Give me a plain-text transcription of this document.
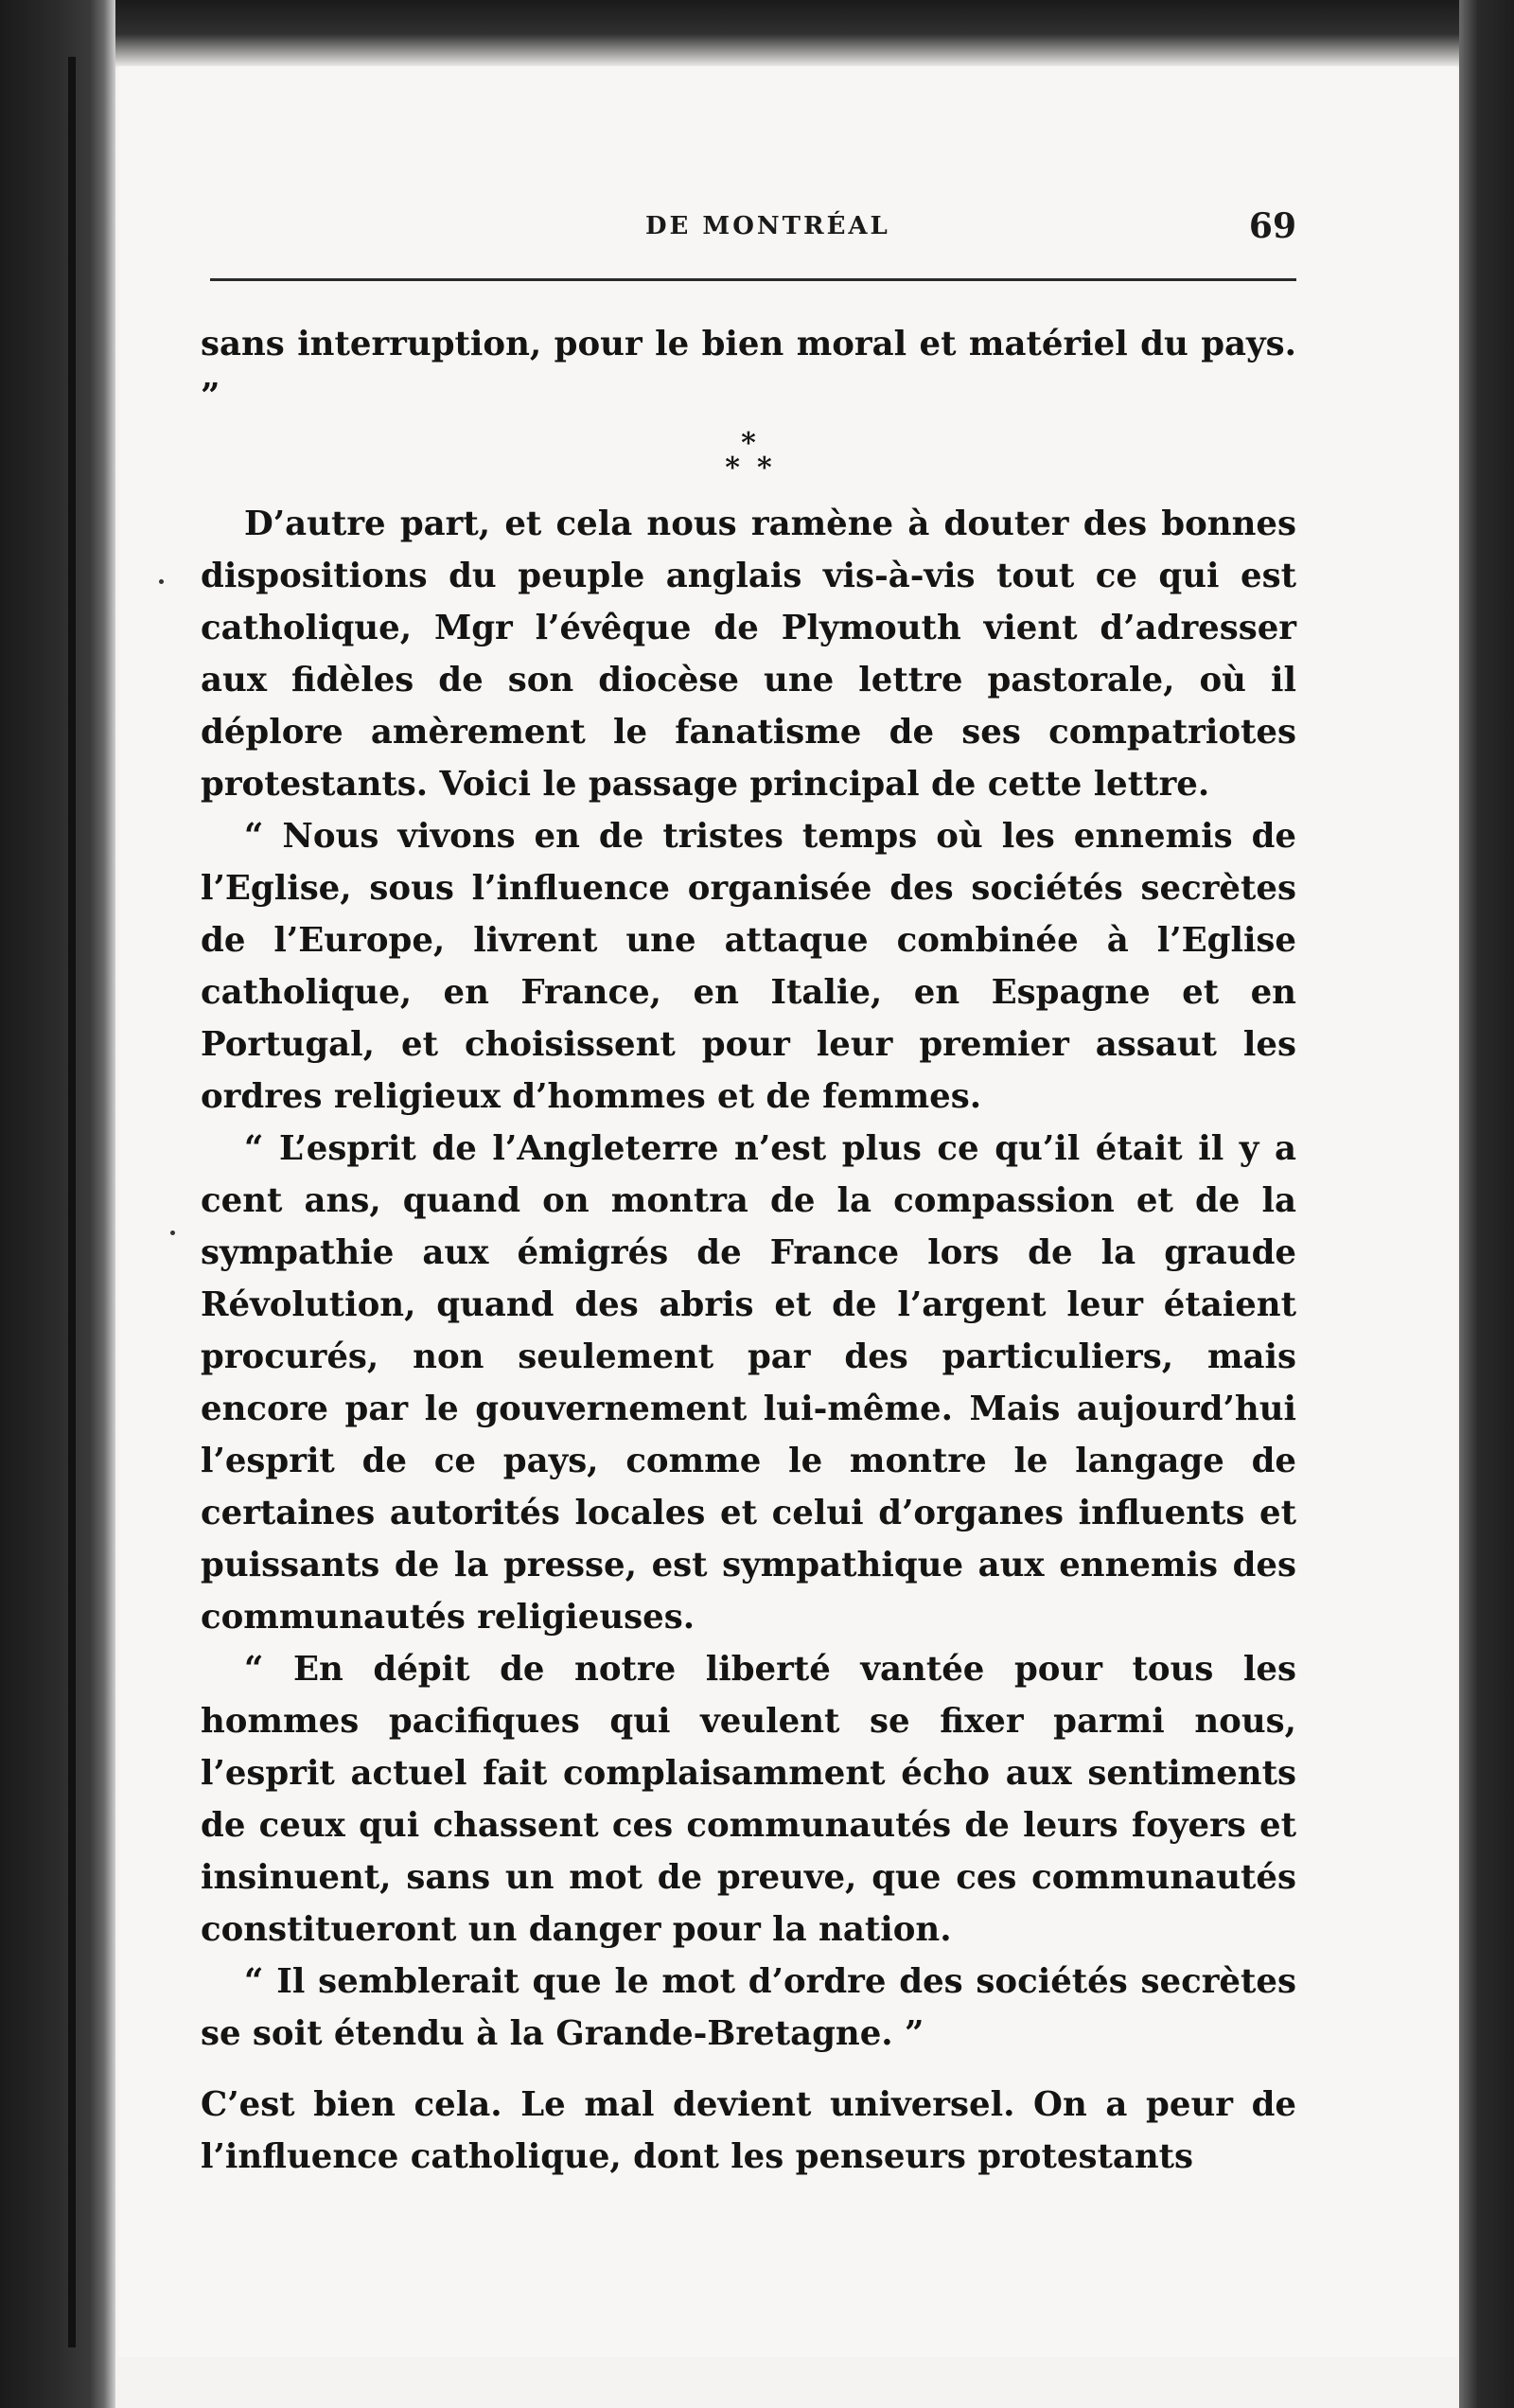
DE MONTRÉAL	69

sans interruption, pour le bien moral et matériel du pays. ”

*
**

D’autre part, et cela nous ramène à douter des bonnes dispositions du peuple anglais vis-à-vis tout ce qui est catholique, Mgr l’évêque de Plymouth vient d’adresser aux fidèles de son diocèse une lettre pastorale, où il déplore amèrement le fanatisme de ses compatriotes protestants. Voici le passage principal de cette lettre.

“ Nous vivons en de tristes temps où les ennemis de l’Eglise, sous l’influence organisée des sociétés secrètes de l’Europe, livrent une attaque combinée à l’Eglise catholique, en France, en Italie, en Espagne et en Portugal, et choisissent pour leur premier assaut les ordres religieux d’hommes et de femmes.

“ L’esprit de l’Angleterre n’est plus ce qu’il était il y a cent ans, quand on montra de la compassion et de la sympathie aux émigrés de France lors de la graude Révolution, quand des abris et de l’argent leur étaient procurés, non seulement par des particuliers, mais encore par le gouvernement lui-même. Mais aujourd’hui l’esprit de ce pays, comme le montre le langage de certaines autorités locales et celui d’organes influents et puissants de la presse, est sympathique aux ennemis des communautés religieuses.

“ En dépit de notre liberté vantée pour tous les hommes pacifiques qui veulent se fixer parmi nous, l’esprit actuel fait complaisamment écho aux sentiments de ceux qui chassent ces communautés de leurs foyers et insinuent, sans un mot de preuve, que ces communautés constitueront un danger pour la nation.

“ Il semblerait que le mot d’ordre des sociétés secrètes se soit étendu à la Grande-Bretagne. ”

C’est bien cela. Le mal devient universel. On a peur de l’influence catholique, dont les penseurs protestants
